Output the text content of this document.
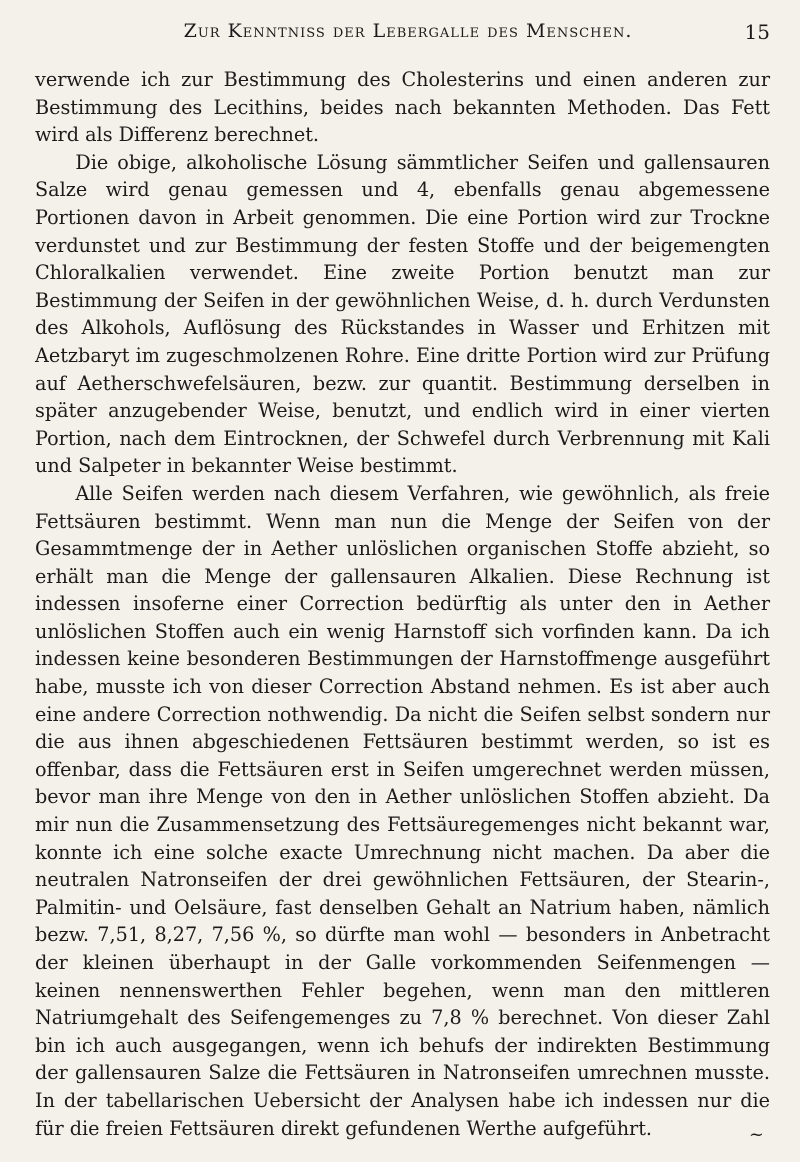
Zur Kenntniss der Lebergalle des Menschen.	15

verwende ich zur Bestimmung des Cholesterins und einen anderen zur Bestimmung des Lecithins, beides nach bekannten Methoden. Das Fett wird als Differenz berechnet.

Die obige, alkoholische Lösung sämmtlicher Seifen und gallensauren Salze wird genau gemessen und 4, ebenfalls genau abgemessene Portionen davon in Arbeit genommen. Die eine Portion wird zur Trockne verdunstet und zur Bestimmung der festen Stoffe und der beigemengten Chloralkalien verwendet. Eine zweite Portion benutzt man zur Bestimmung der Seifen in der gewöhnlichen Weise, d. h. durch Verdunsten des Alkohols, Auflösung des Rückstandes in Wasser und Erhitzen mit Aetzbaryt im zugeschmolzenen Rohre. Eine dritte Portion wird zur Prüfung auf Aetherschwefelsäuren, bezw. zur quantit. Bestimmung derselben in später anzugebender Weise, benutzt, und endlich wird in einer vierten Portion, nach dem Eintrocknen, der Schwefel durch Verbrennung mit Kali und Salpeter in bekannter Weise bestimmt.

Alle Seifen werden nach diesem Verfahren, wie gewöhnlich, als freie Fettsäuren bestimmt. Wenn man nun die Menge der Seifen von der Gesammtmenge der in Aether unlöslichen organischen Stoffe abzieht, so erhält man die Menge der gallensauren Alkalien. Diese Rechnung ist indessen insoferne einer Correction bedürftig als unter den in Aether unlöslichen Stoffen auch ein wenig Harnstoff sich vorfinden kann. Da ich indessen keine besonderen Bestimmungen der Harnstoffmenge ausgeführt habe, musste ich von dieser Correction Abstand nehmen. Es ist aber auch eine andere Correction nothwendig. Da nicht die Seifen selbst sondern nur die aus ihnen abgeschiedenen Fettsäuren bestimmt werden, so ist es offenbar, dass die Fettsäuren erst in Seifen umgerechnet werden müssen, bevor man ihre Menge von den in Aether unlöslichen Stoffen abzieht. Da mir nun die Zusammensetzung des Fettsäuregemenges nicht bekannt war, konnte ich eine solche exacte Umrechnung nicht machen. Da aber die neutralen Natronseifen der drei gewöhnlichen Fettsäuren, der Stearin-, Palmitin- und Oelsäure, fast denselben Gehalt an Natrium haben, nämlich bezw. 7,51, 8,27, 7,56 %, so dürfte man wohl — besonders in Anbetracht der kleinen überhaupt in der Galle vorkommenden Seifenmengen — keinen nennenswerthen Fehler begehen, wenn man den mittleren Natriumgehalt des Seifengemenges zu 7,8 % berechnet. Von dieser Zahl bin ich auch ausgegangen, wenn ich behufs der indirekten Bestimmung der gallensauren Salze die Fettsäuren in Natronseifen umrechnen musste. In der tabellarischen Uebersicht der Analysen habe ich indessen nur die für die freien Fettsäuren direkt gefundenen Werthe aufgeführt.	~
